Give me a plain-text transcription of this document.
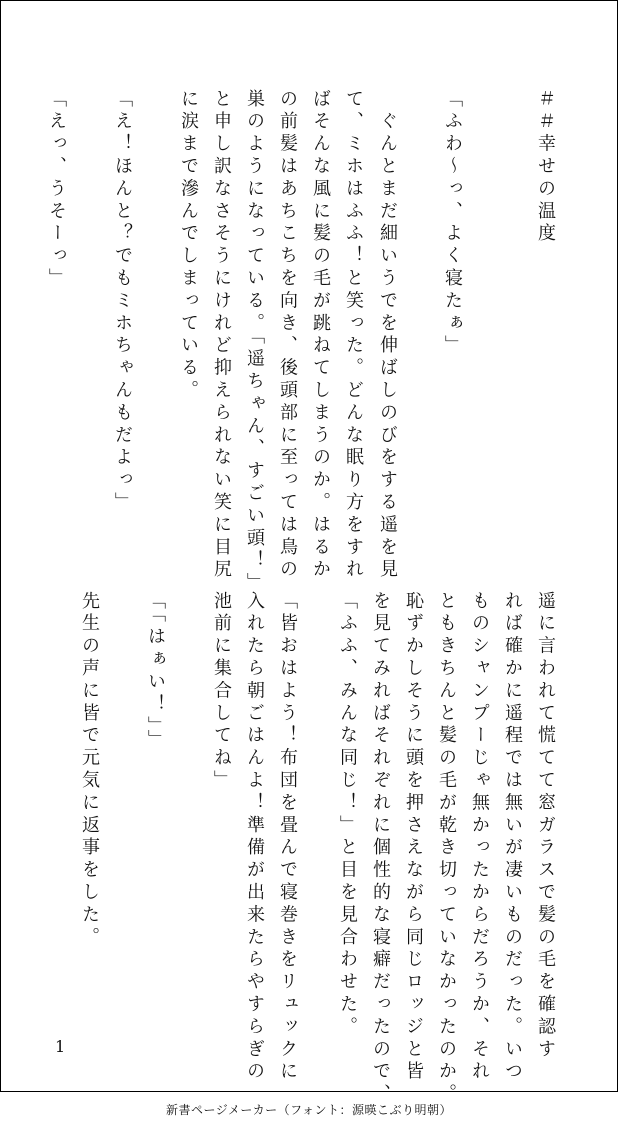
＃＃幸せの温度
「ふわ〜っ、よく寝たぁ」
　ぐんとまだ細いうでを伸ばしのびをする遥を見
て、ミホはふふ！と笑った。どんな眠り方をすれ
ばそんな風に髪の毛が跳ねてしまうのか。はるか
の前髪はあちこちを向き、後頭部に至っては鳥の
巣のようになっている。「遥ちゃん、すごい頭！」
と申し訳なさそうにけれど抑えられない笑に目尻
に涙まで滲んでしまっている。
「え！ほんと？でもミホちゃんもだよっ」
「えっ、うそーっ」
遥に言われて慌てて窓ガラスで髪の毛を確認す
れば確かに遥程では無いが凄いものだった。いつ
ものシャンプーじゃ無かったからだろうか、それ
ともきちんと髪の毛が乾き切っていなかったのか。
恥ずかしそうに頭を押さえながら同じロッジと皆
を見てみればそれぞれに個性的な寝癖だったので、
「ふふ、みんな同じ！」と目を見合わせた。
「皆おはよう！布団を畳んで寝巻きをリュックに
入れたら朝ごはんよ！準備が出来たらやすらぎの
池前に集合してね」
「「はぁい！」」
先生の声に皆で元気に返事をした。
1
新書ページメーカー（フォント：源暎こぶり明朝）
